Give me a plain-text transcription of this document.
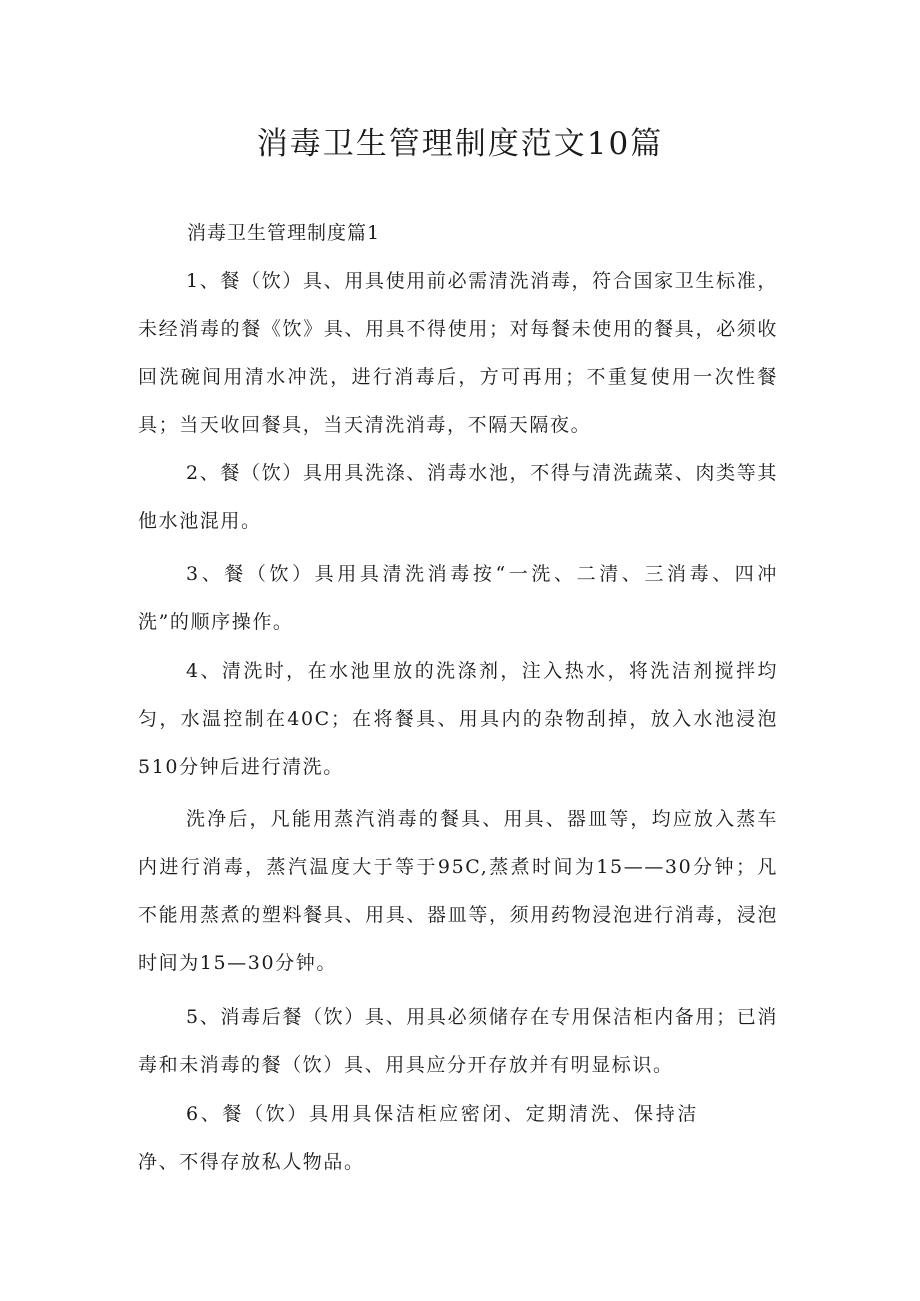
消毒卫生管理制度范文10篇

消毒卫生管理制度篇1

1、餐（饮）具、用具使用前必需清洗消毒，符合国家卫生标准，未经消毒的餐《饮》具、用具不得使用；对每餐未使用的餐具，必须收回洗碗间用清水冲洗，进行消毒后，方可再用；不重复使用一次性餐具；当天收回餐具，当天清洗消毒，不隔天隔夜。

2、餐（饮）具用具洗涤、消毒水池，不得与清洗蔬菜、肉类等其他水池混用。

3、餐（饮）具用具清洗消毒按“一洗、二清、三消毒、四冲洗”的顺序操作。

4、清洗时，在水池里放的洗涤剂，注入热水，将洗洁剂搅拌均匀，水温控制在40C；在将餐具、用具内的杂物刮掉，放入水池浸泡510分钟后进行清洗。

洗净后，凡能用蒸汽消毒的餐具、用具、器皿等，均应放入蒸车内进行消毒，蒸汽温度大于等于95C,蒸煮时间为15——30分钟；凡不能用蒸煮的塑料餐具、用具、器皿等，须用药物浸泡进行消毒，浸泡时间为15—30分钟。

5、消毒后餐（饮）具、用具必须储存在专用保洁柜内备用；已消毒和未消毒的餐（饮）具、用具应分开存放并有明显标识。

6、餐（饮）具用具保洁柜应密闭、定期清洗、保持洁净、不得存放私人物品。
